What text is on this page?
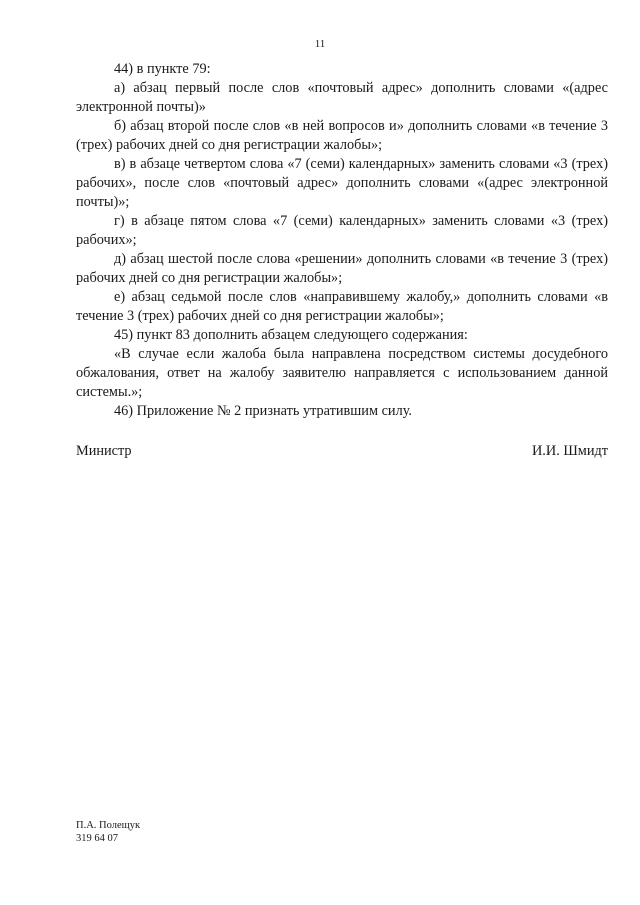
11

44) в пункте 79:

а) абзац первый после слов «почтовый адрес» дополнить словами «(адрес электронной почты)»

б) абзац второй после слов «в ней вопросов и» дополнить словами «в течение 3 (трех) рабочих дней со дня регистрации жалобы»;

в) в абзаце четвертом слова «7 (семи) календарных» заменить словами «3 (трех) рабочих», после слов «почтовый адрес» дополнить словами «(адрес электронной почты)»;

г) в абзаце пятом слова «7 (семи) календарных» заменить словами «3 (трех) рабочих»;

д) абзац шестой после слова «решении» дополнить словами «в течение 3 (трех) рабочих дней со дня регистрации жалобы»;

е) абзац седьмой после слов «направившему жалобу,» дополнить словами «в течение 3 (трех) рабочих дней со дня регистрации жалобы»;

45) пункт 83 дополнить абзацем следующего содержания:

«В случае если жалоба была направлена посредством системы досудебного обжалования, ответ на жалобу заявителю направляется с использованием данной системы.»;

46) Приложение № 2 признать утратившим силу.

Министр	И.И. Шмидт
П.А. Полещук
319 64 07
